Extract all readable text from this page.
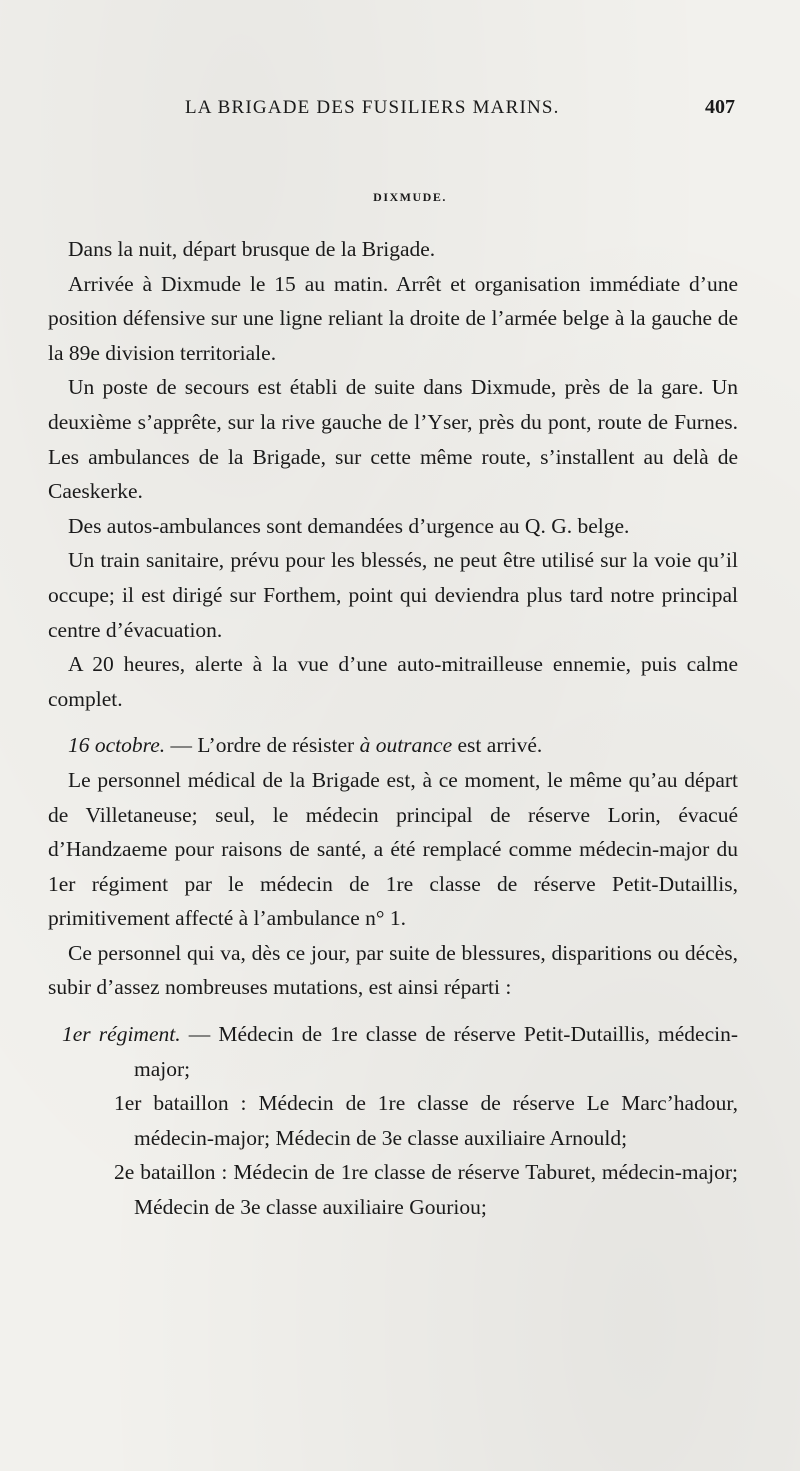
LA BRIGADE DES FUSILIERS MARINS.	407
DIXMUDE.

Dans la nuit, départ brusque de la Brigade.

Arrivée à Dixmude le 15 au matin. Arrêt et organisation immédiate d’une position défensive sur une ligne reliant la droite de l’armée belge à la gauche de la 89e division territoriale.

Un poste de secours est établi de suite dans Dixmude, près de la gare. Un deuxième s’apprête, sur la rive gauche de l’Yser, près du pont, route de Furnes. Les ambulances de la Brigade, sur cette même route, s’installent au delà de Caeskerke.

Des autos-ambulances sont demandées d’urgence au Q. G. belge.

Un train sanitaire, prévu pour les blessés, ne peut être utilisé sur la voie qu’il occupe; il est dirigé sur Forthem, point qui deviendra plus tard notre principal centre d’évacuation.

A 20 heures, alerte à la vue d’une auto-mitrailleuse ennemie, puis calme complet.

16 octobre. — L’ordre de résister à outrance est arrivé.

Le personnel médical de la Brigade est, à ce moment, le même qu’au départ de Villetaneuse; seul, le médecin principal de réserve Lorin, évacué d’Handzaeme pour raisons de santé, a été remplacé comme médecin-major du 1er régiment par le médecin de 1re classe de réserve Petit-Dutaillis, primitivement affecté à l’ambulance n° 1.

Ce personnel qui va, dès ce jour, par suite de blessures, disparitions ou décès, subir d’assez nombreuses mutations, est ainsi réparti :

1er régiment. — Médecin de 1re classe de réserve Petit-Dutaillis, médecin-major;

1er bataillon : Médecin de 1re classe de réserve Le Marc’hadour, médecin-major; Médecin de 3e classe auxiliaire Arnould;

2e bataillon : Médecin de 1re classe de réserve Taburet, médecin-major; Médecin de 3e classe auxiliaire Gouriou;
